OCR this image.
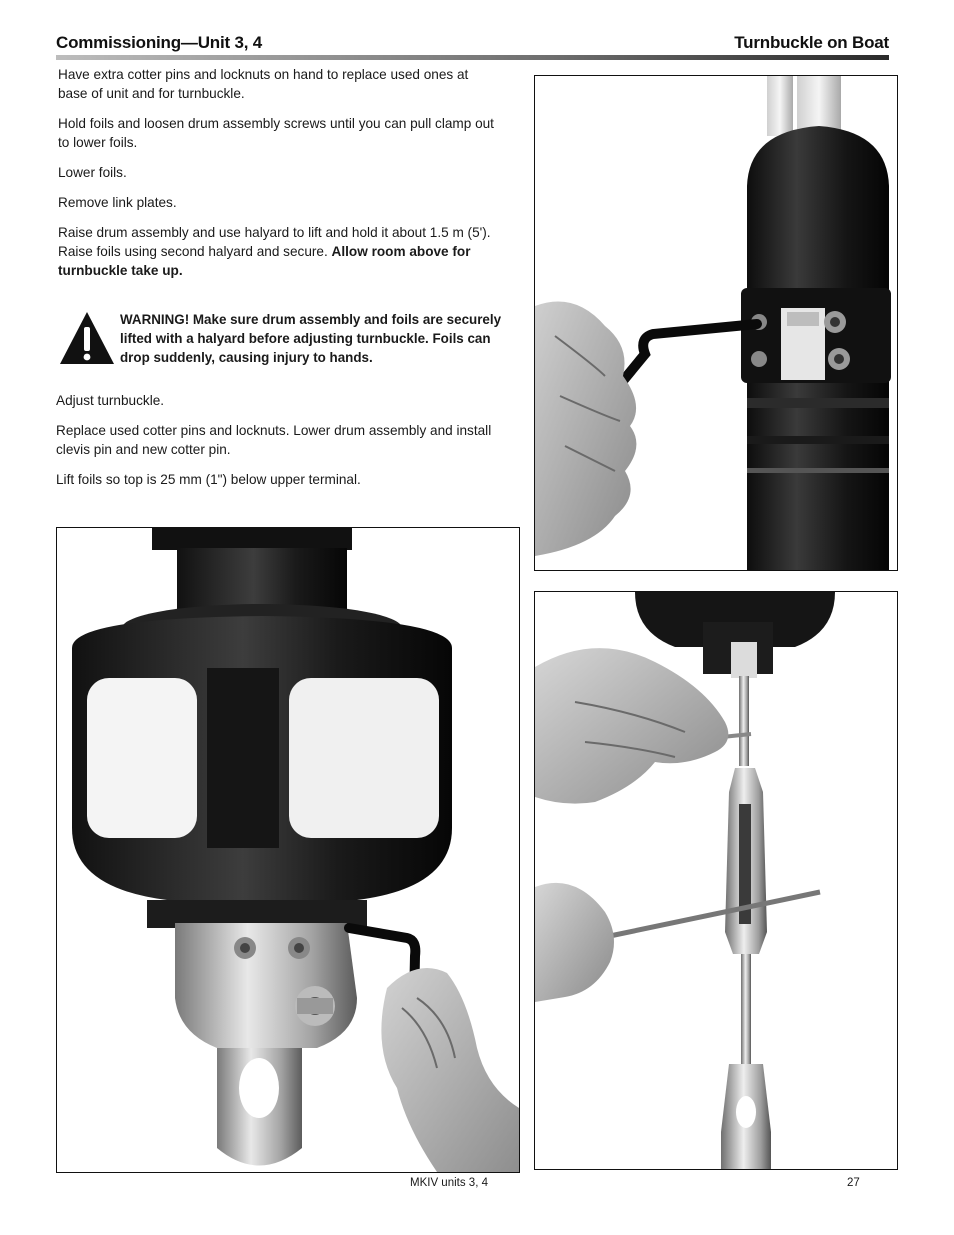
Commissioning—Unit 3, 4	Turnbuckle on Boat

Have extra cotter pins and locknuts on hand to replace used ones at base of unit and for turnbuckle.

Hold foils and loosen drum assembly screws until you can pull clamp out to lower foils.

Lower foils.

Remove link plates.

Raise drum assembly and use halyard to lift and hold it about 1.5 m (5'). Raise foils using second halyard and secure. Allow room above for turnbuckle take up.

WARNING! Make sure drum assembly and foils are securely lifted with a halyard before adjusting turnbuckle. Foils can drop suddenly, causing injury to hands.

Adjust turnbuckle.

Replace used cotter pins and locknuts. Lower drum assembly and install clevis pin and new cotter pin.

Lift foils so top is 25 mm (1") below upper terminal.

MKIV units 3, 4	27
